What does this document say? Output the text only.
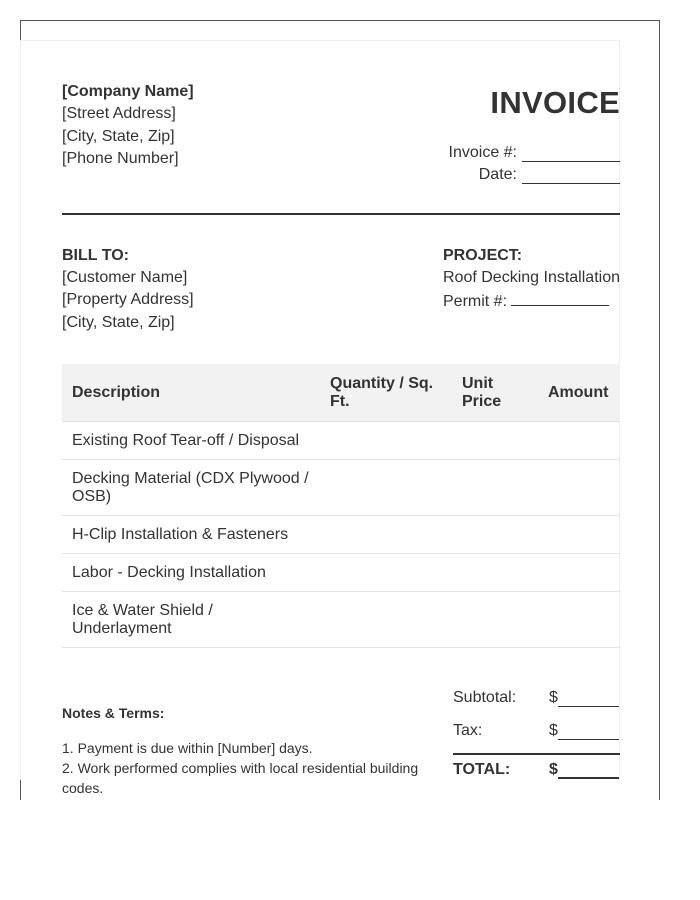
[Company Name]
[Street Address]
[City, State, Zip]
[Phone Number]
INVOICE
Invoice #:
Date:
BILL TO:
[Customer Name]
[Property Address]
[City, State, Zip]
PROJECT:
Roof Decking Installation
Permit #:
Description	Quantity / Sq. Ft.	Unit Price	Amount
Existing Roof Tear-off / Disposal			
Decking Material (CDX Plywood / OSB)			
H-Clip Installation & Fasteners			
Labor - Decking Installation			
Ice & Water Shield / Underlayment			
Notes & Terms:
1. Payment is due within [Number] days.
2. Work performed complies with local residential building codes.
Subtotal: $
Tax:	$
TOTAL: $
